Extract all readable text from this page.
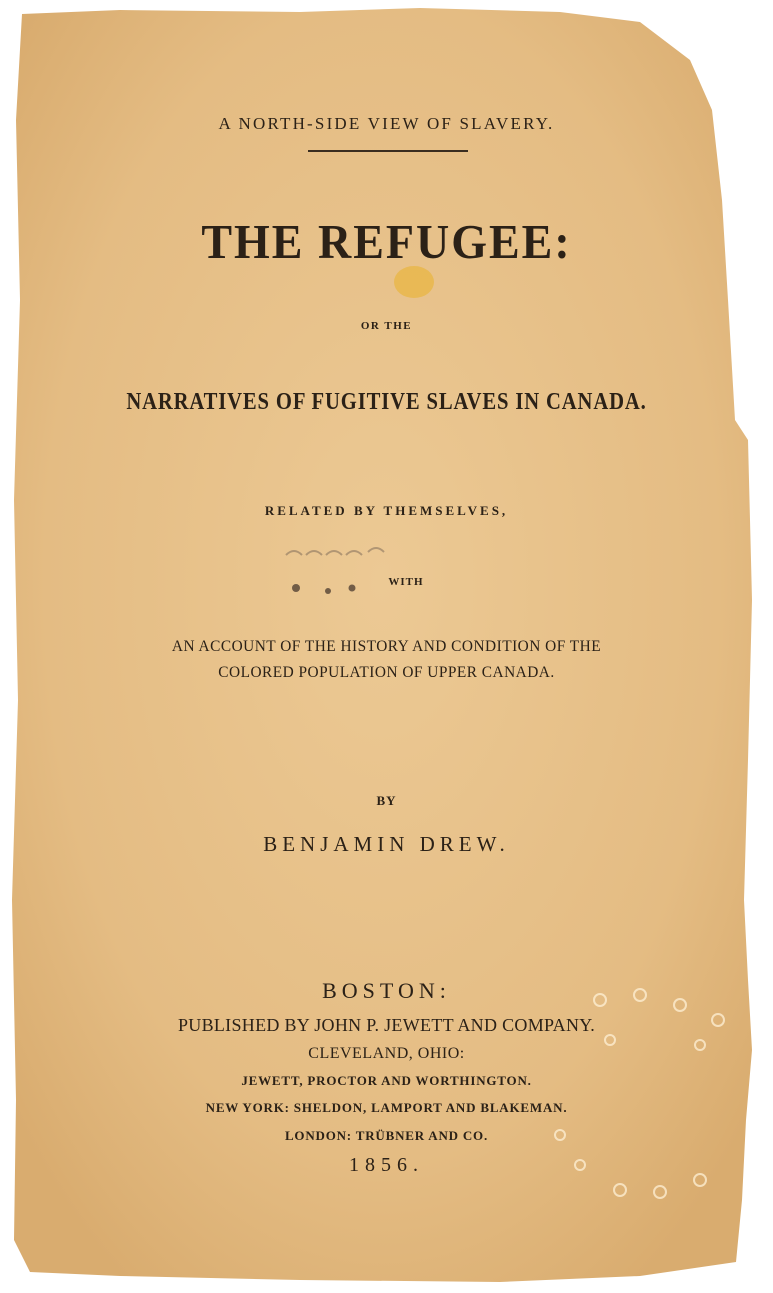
A NORTH-SIDE VIEW OF SLAVERY.
THE REFUGEE:
OR THE
NARRATIVES OF FUGITIVE SLAVES IN CANADA.
RELATED BY THEMSELVES,
WITH
AN ACCOUNT OF THE HISTORY AND CONDITION OF THE
COLORED POPULATION OF UPPER CANADA.
BY
BENJAMIN DREW.
BOSTON:
PUBLISHED BY JOHN P. JEWETT AND COMPANY.
CLEVELAND, OHIO:
JEWETT, PROCTOR AND WORTHINGTON.
NEW YORK: SHELDON, LAMPORT AND BLAKEMAN.
LONDON: TRÜBNER AND CO.
1856.
